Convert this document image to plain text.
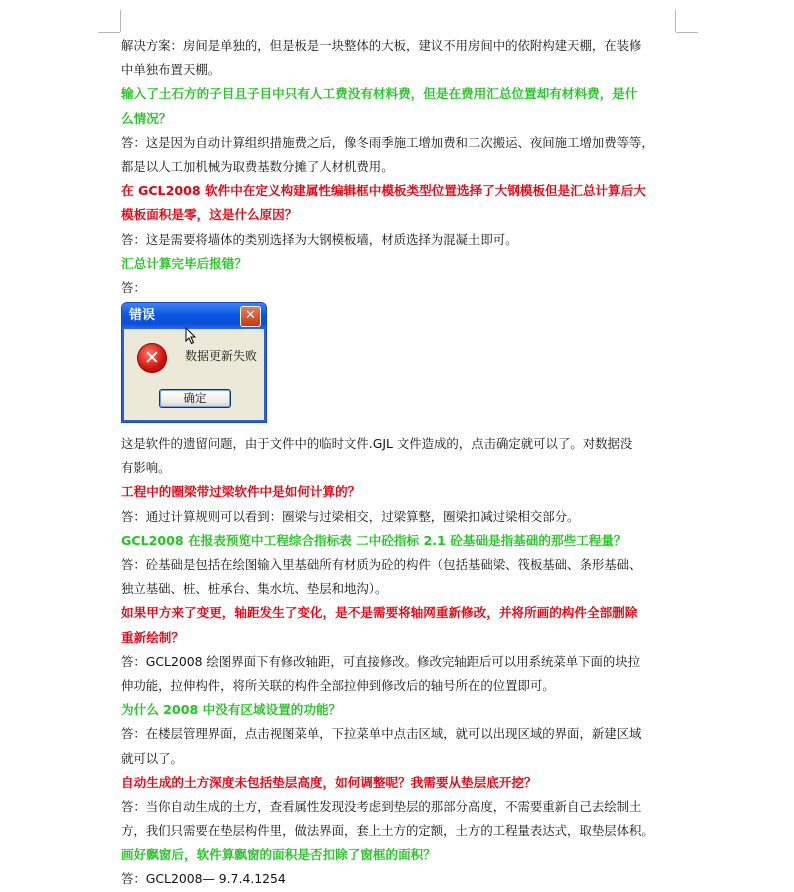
解决方案：房间是单独的，但是板是一块整体的大板，建议不用房间中的依附构建天棚，在装修
中单独布置天棚。
输入了土石方的子目且子目中只有人工费没有材料费，但是在费用汇总位置却有材料费，是什
么情况？
答：这是因为自动计算组织措施费之后，像冬雨季施工增加费和二次搬运、夜间施工增加费等等，
都是以人工加机械为取费基数分摊了人材机费用。
在 GCL2008 软件中在定义构建属性编辑框中模板类型位置选择了大钢模板但是汇总计算后大
模板面积是零，这是什么原因？
答：这是需要将墙体的类别选择为大钢模板墙，材质选择为混凝土即可。
汇总计算完毕后报错？
答：
错误	✕
✕	数据更新失败
确定
这是软件的遗留问题，由于文件中的临时文件.GJL 文件造成的，点击确定就可以了。对数据没
有影响。
工程中的圈梁带过梁软件中是如何计算的？
答：通过计算规则可以看到：圈梁与过梁相交，过梁算整，圈梁扣减过梁相交部分。
GCL2008 在报表预览中工程综合指标表 二中砼指标 2.1 砼基础是指基础的那些工程量？
答：砼基础是包括在绘图输入里基础所有材质为砼的构件（包括基础梁、筏板基础、条形基础、
独立基础、桩、桩承台、集水坑、垫层和地沟）。
如果甲方来了变更，轴距发生了变化，是不是需要将轴网重新修改，并将所画的构件全部删除
重新绘制？
答：GCL2008 绘图界面下有修改轴距，可直接修改。修改完轴距后可以用系统菜单下面的块拉
伸功能，拉伸构件，将所关联的构件全部拉伸到修改后的轴号所在的位置即可。
为什么 2008 中没有区域设置的功能？
答：在楼层管理界面，点击视图菜单，下拉菜单中点击区域，就可以出现区域的界面，新建区域
就可以了。
自动生成的土方深度未包括垫层高度，如何调整呢？我需要从垫层底开挖？
答：当你自动生成的土方，查看属性发现没考虑到垫层的那部分高度，不需要重新自己去绘制土
方，我们只需要在垫层构件里，做法界面，套上土方的定额，土方的工程量表达式，取垫层体积。
画好飘窗后，软件算飘窗的面积是否扣除了窗框的面积？
答：GCL2008— 9.7.4.1254
